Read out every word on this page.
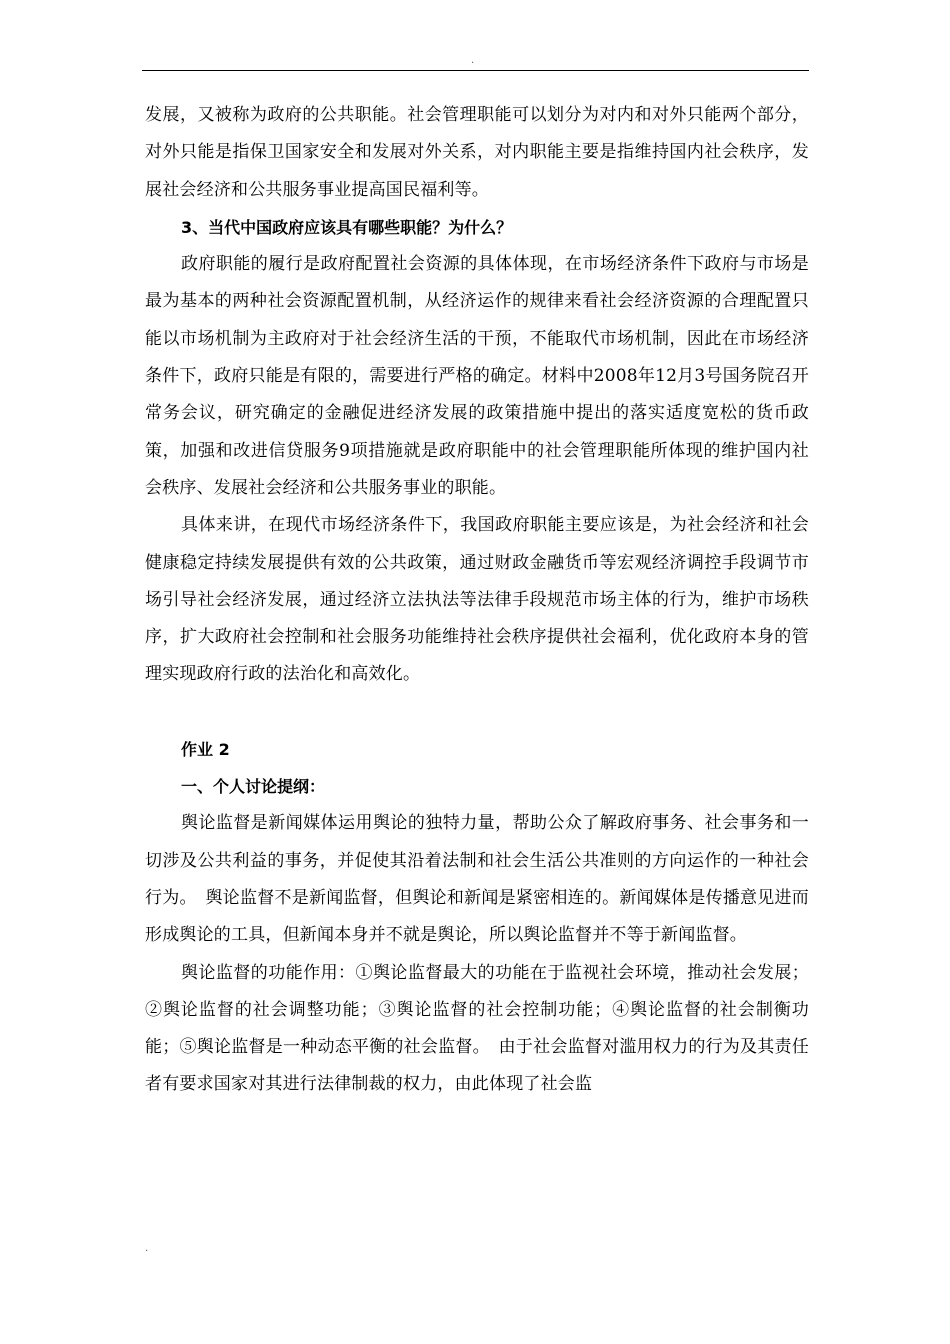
.

发展，又被称为政府的公共职能。社会管理职能可以划分为对内和对外只能两个部分，对外只能是指保卫国家安全和发展对外关系，对内职能主要是指维持国内社会秩序，发展社会经济和公共服务事业提高国民福利等。

3、当代中国政府应该具有哪些职能？为什么？

政府职能的履行是政府配置社会资源的具体体现，在市场经济条件下政府与市场是最为基本的两种社会资源配置机制，从经济运作的规律来看社会经济资源的合理配置只能以市场机制为主政府对于社会经济生活的干预，不能取代市场机制，因此在市场经济条件下，政府只能是有限的，需要进行严格的确定。材料中2008年12月3号国务院召开常务会议，研究确定的金融促进经济发展的政策措施中提出的落实适度宽松的货币政策，加强和改进信贷服务9项措施就是政府职能中的社会管理职能所体现的维护国内社会秩序、发展社会经济和公共服务事业的职能。

具体来讲，在现代市场经济条件下，我国政府职能主要应该是，为社会经济和社会健康稳定持续发展提供有效的公共政策，通过财政金融货币等宏观经济调控手段调节市场引导社会经济发展，通过经济立法执法等法律手段规范市场主体的行为，维护市场秩序，扩大政府社会控制和社会服务功能维持社会秩序提供社会福利，优化政府本身的管理实现政府行政的法治化和高效化。

作业 2

一、个人讨论提纲：

舆论监督是新闻媒体运用舆论的独特力量，帮助公众了解政府事务、社会事务和一切涉及公共利益的事务，并促使其沿着法制和社会生活公共准则的方向运作的一种社会行为。　舆论监督不是新闻监督，但舆论和新闻是紧密相连的。新闻媒体是传播意见进而形成舆论的工具，但新闻本身并不就是舆论，所以舆论监督并不等于新闻监督。

舆论监督的功能作用：①舆论监督最大的功能在于监视社会环境，推动社会发展；②舆论监督的社会调整功能；③舆论监督的社会控制功能；④舆论监督的社会制衡功能；⑤舆论监督是一种动态平衡的社会监督。　由于社会监督对滥用权力的行为及其责任者有要求国家对其进行法律制裁的权力，由此体现了社会监

.
